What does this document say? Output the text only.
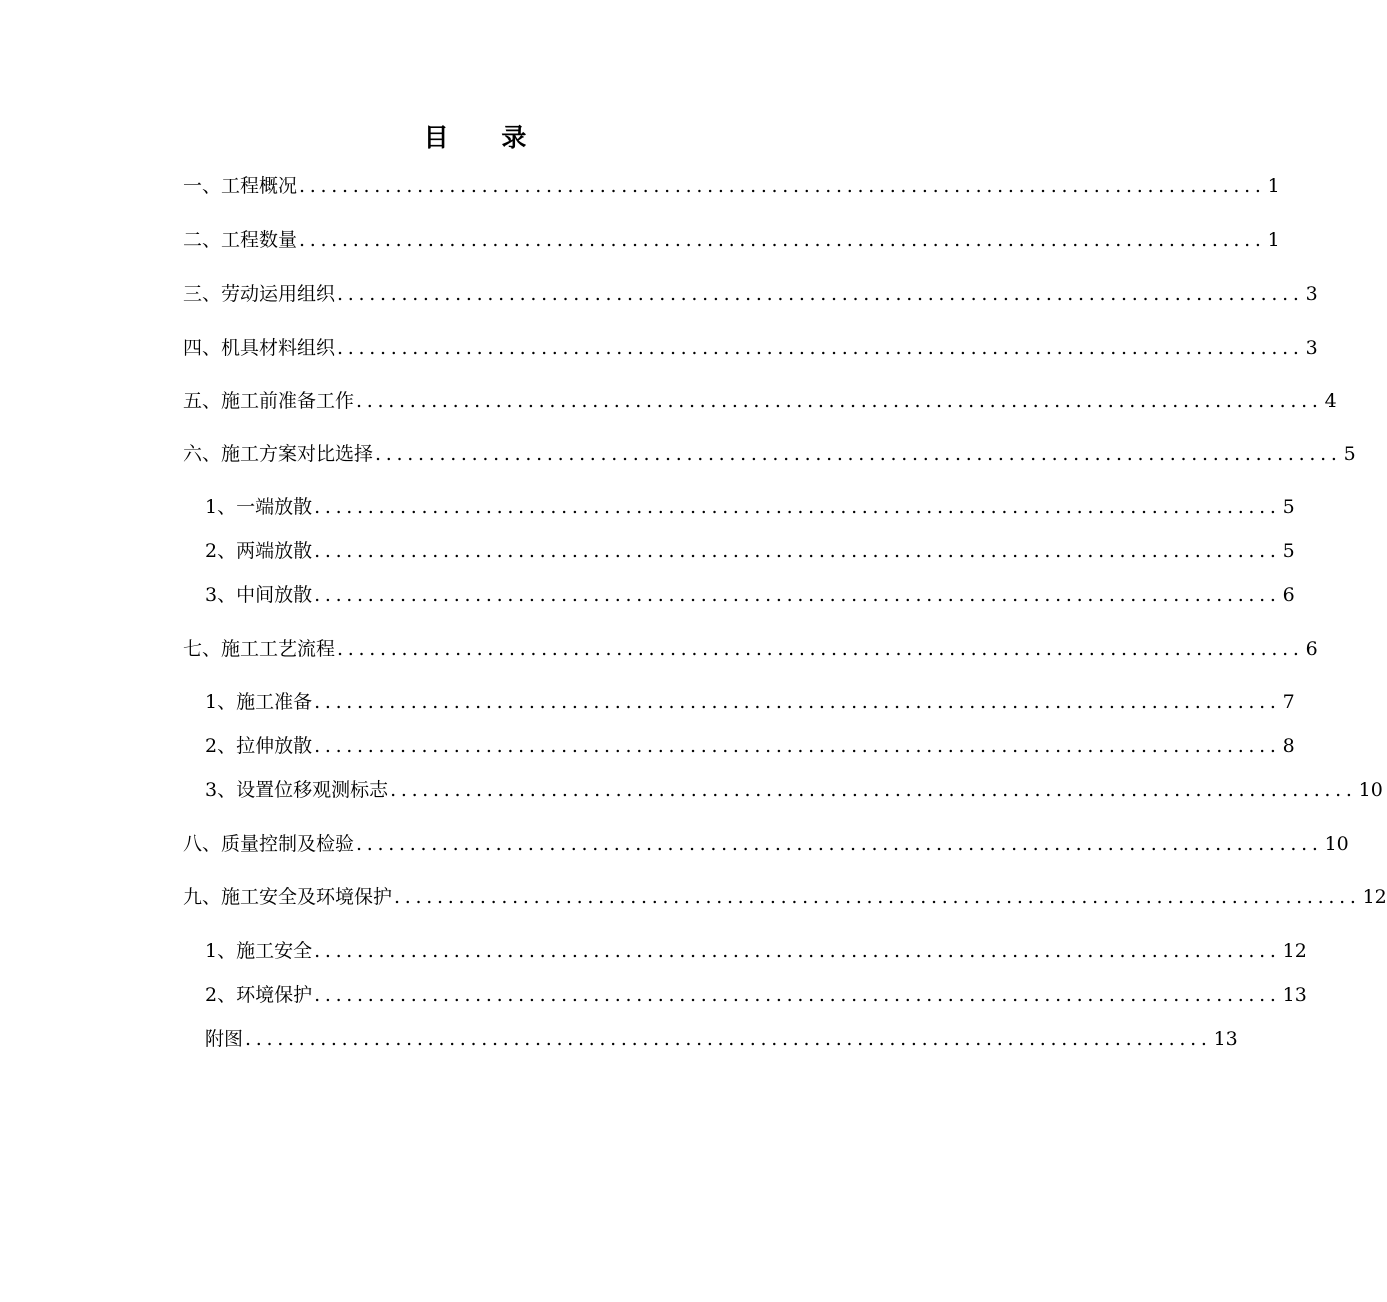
目 录
一、工程概况 .......................................................................................... 1
二、工程数量 .......................................................................................... 1
三、劳动运用组织 .......................................................................................... 3
四、机具材料组织 .......................................................................................... 3
五、施工前准备工作 .......................................................................................... 4
六、施工方案对比选择 .......................................................................................... 5
1、一端放散 .......................................................................................... 5
2、两端放散 .......................................................................................... 5
3、中间放散 .......................................................................................... 6
七、施工工艺流程 .......................................................................................... 6
1、施工准备 .......................................................................................... 7
2、拉伸放散 .......................................................................................... 8
3、设置位移观测标志 .......................................................................................... 10
八、质量控制及检验 .......................................................................................... 10
九、施工安全及环境保护 .......................................................................................... 12
1、施工安全 .......................................................................................... 12
2、环境保护 .......................................................................................... 13
附图 .......................................................................................... 13
